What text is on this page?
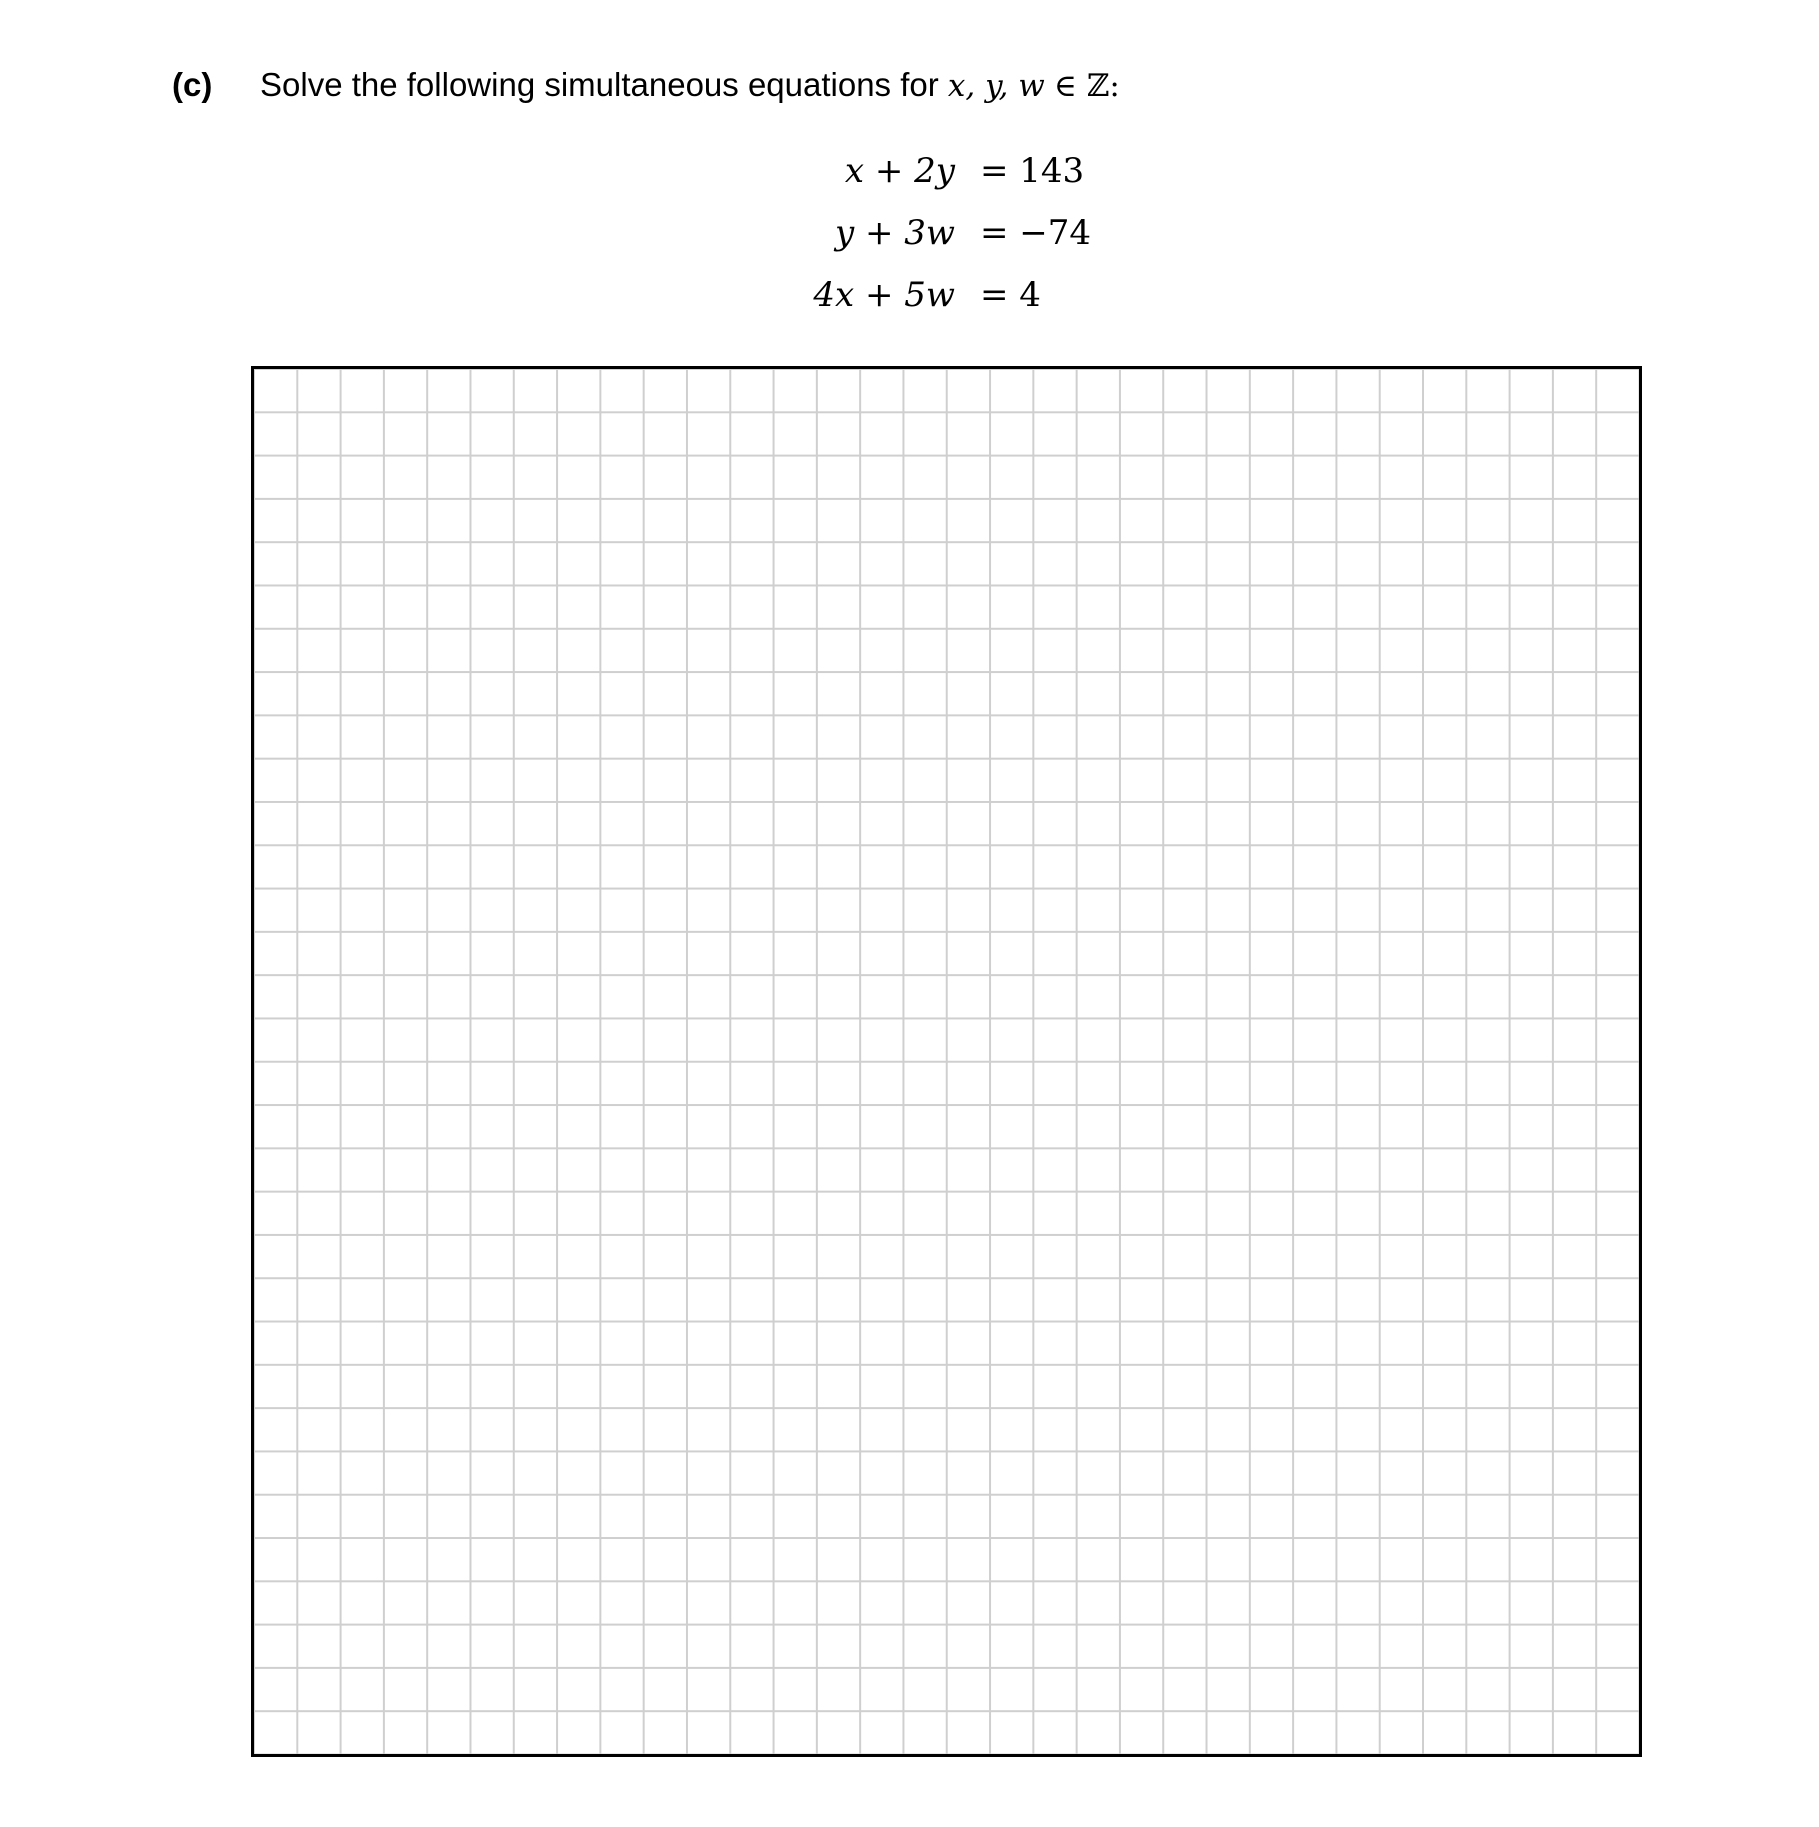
(c) Solve the following simultaneous equations for x, y, w ∈ ℤ:
x + 2y = 143
y + 3w = −74
4x + 5w = 4
